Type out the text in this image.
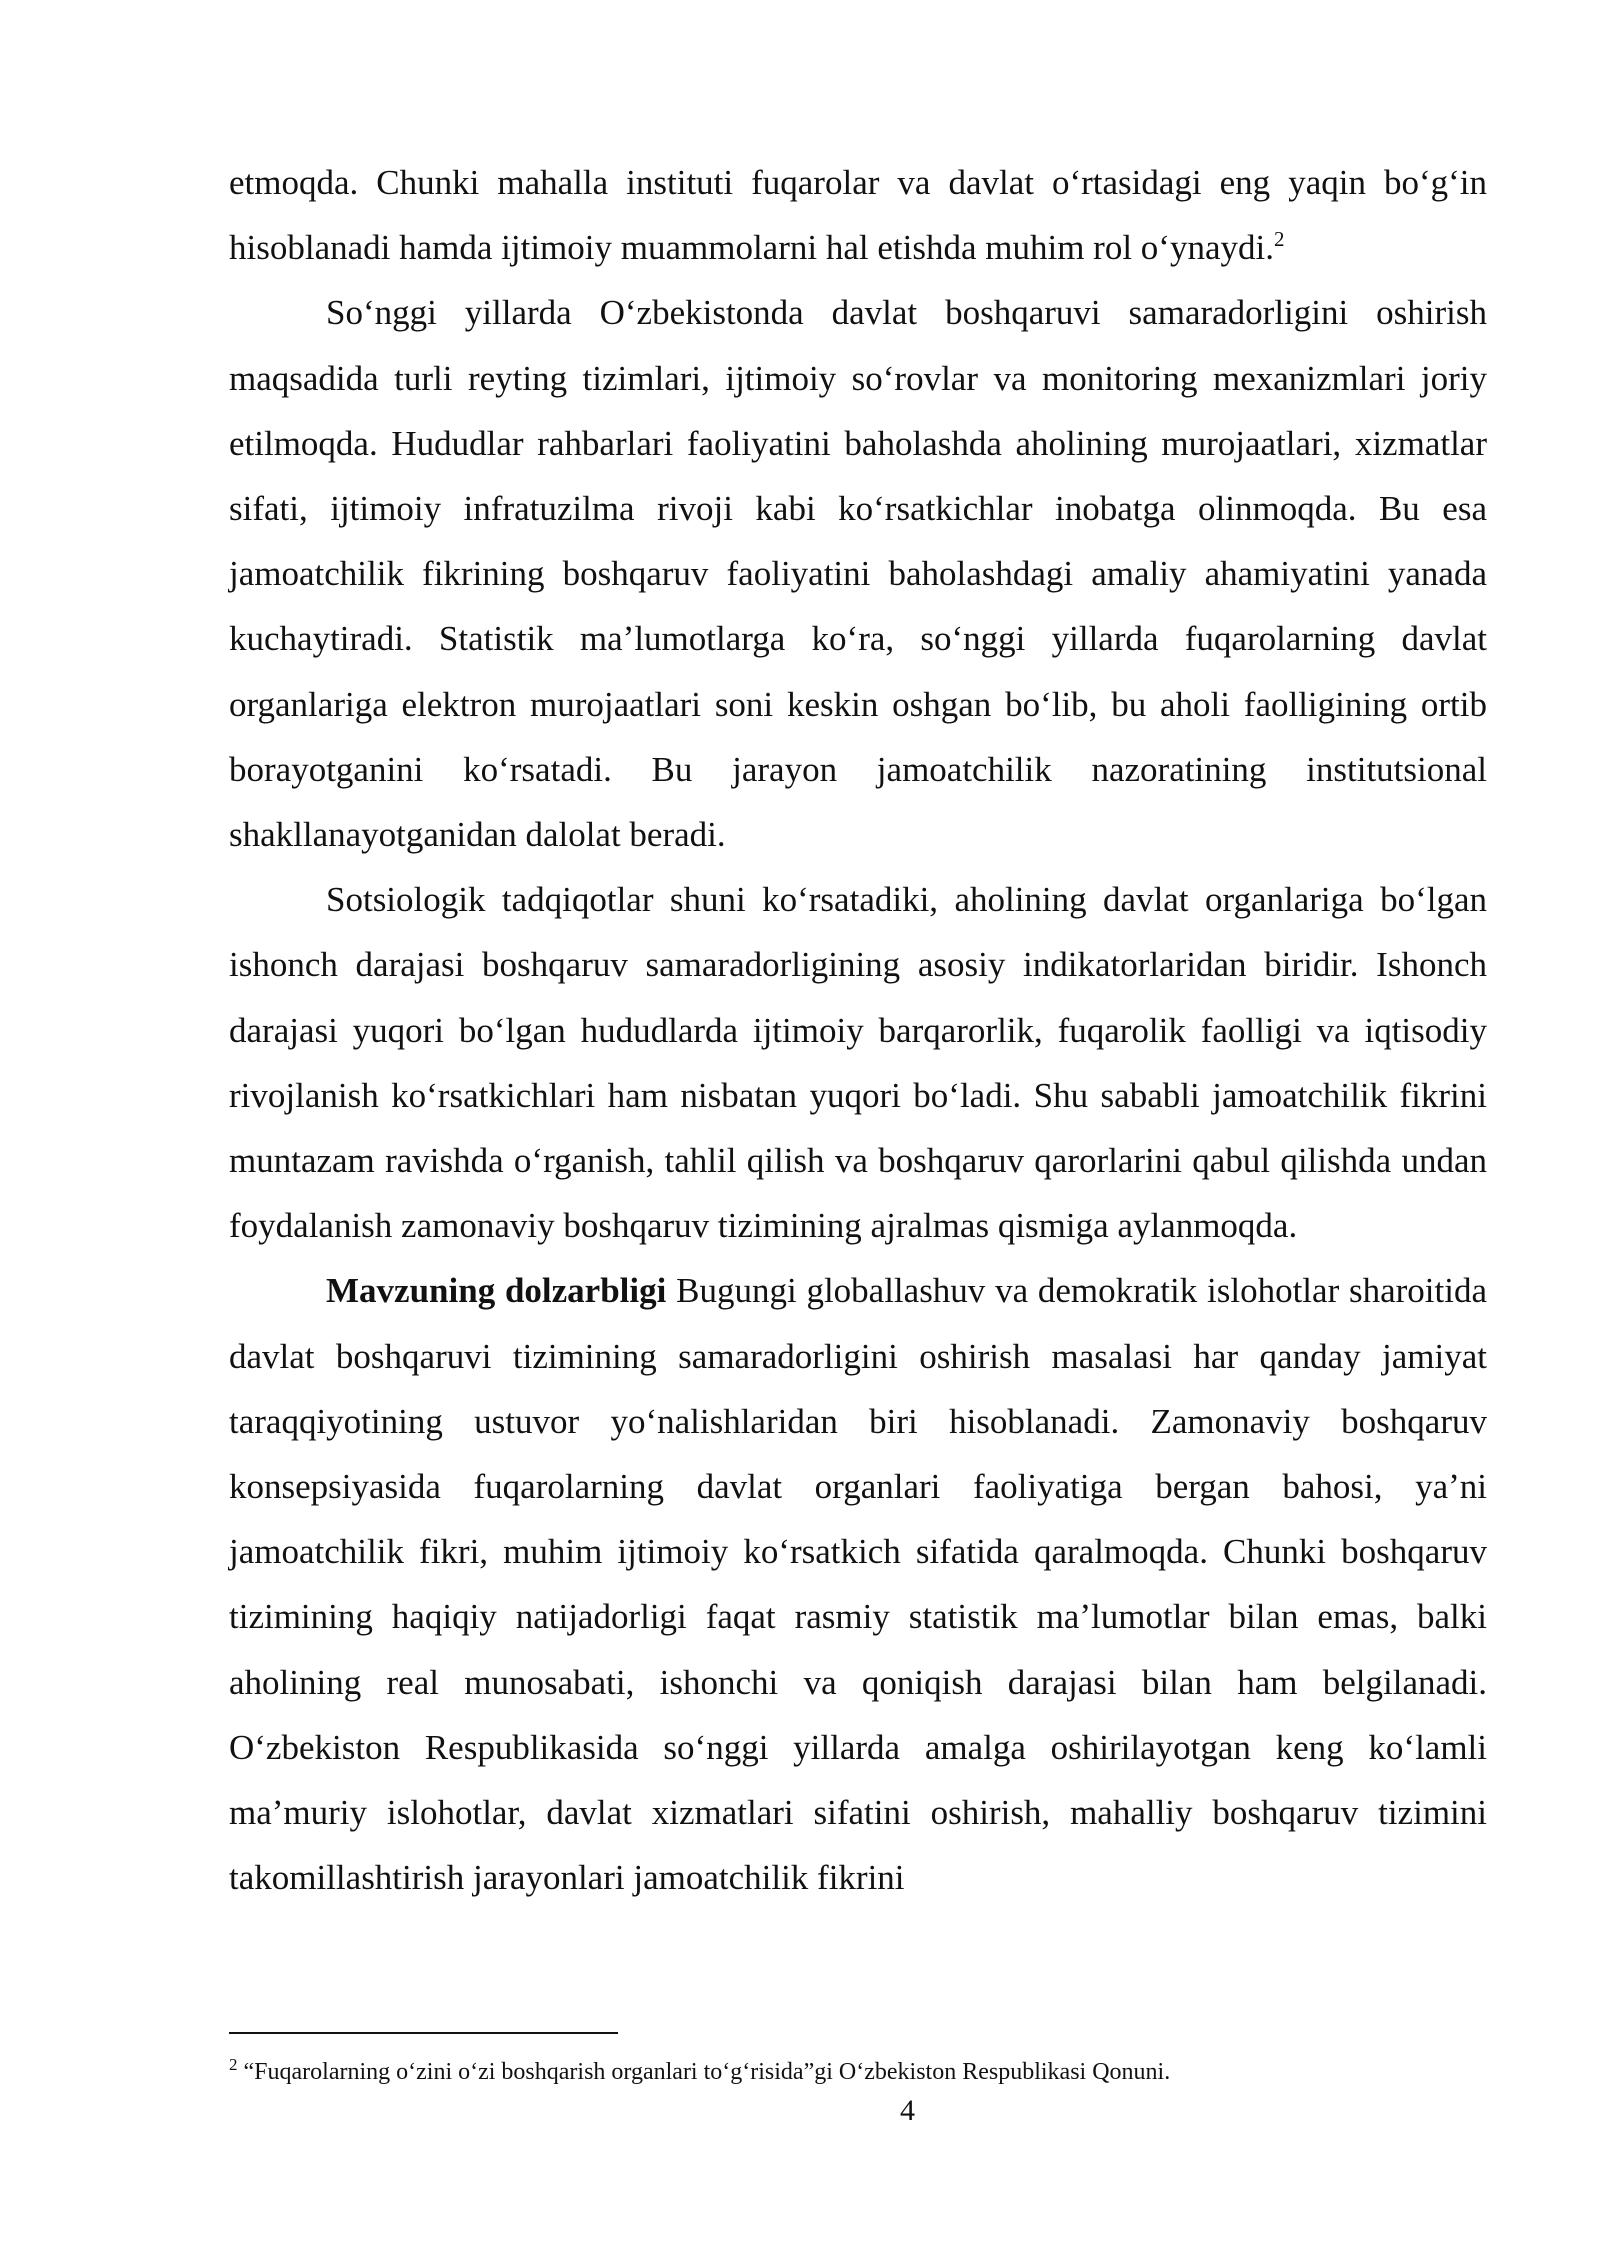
etmoqda. Chunki mahalla instituti fuqarolar va davlat oʻrtasidagi eng yaqin boʻgʻin hisoblanadi hamda ijtimoiy muammolarni hal etishda muhim rol oʻynaydi.$^2$

Soʻnggi yillarda Oʻzbekistonda davlat boshqaruvi samaradorligini oshirish maqsadida turli reyting tizimlari, ijtimoiy soʻrovlar va monitoring mexanizmlari joriy etilmoqda. Hududlar rahbarlari faoliyatini baholashda aholining murojaatlari, xizmatlar sifati, ijtimoiy infratuzilma rivoji kabi koʻrsatkichlar inobatga olinmoqda. Bu esa jamoatchilik fikrining boshqaruv faoliyatini baholashdagi amaliy ahamiyatini yanada kuchaytiradi. Statistik maʼlumotlarga koʻra, soʻnggi yillarda fuqarolarning davlat organlariga elektron murojaatlari soni keskin oshgan boʻlib, bu aholi faolligining ortib borayotganini koʻrsatadi. Bu jarayon jamoatchilik nazoratining institutsional shakllanayotganidan dalolat beradi.

Sotsiologik tadqiqotlar shuni koʻrsatadiki, aholining davlat organlariga boʻlgan ishonch darajasi boshqaruv samaradorligining asosiy indikatorlaridan biridir. Ishonch darajasi yuqori boʻlgan hududlarda ijtimoiy barqarorlik, fuqarolik faolligi va iqtisodiy rivojlanish koʻrsatkichlari ham nisbatan yuqori boʻladi. Shu sababli jamoatchilik fikrini muntazam ravishda oʻrganish, tahlil qilish va boshqaruv qarorlarini qabul qilishda undan foydalanish zamonaviy boshqaruv tizimining ajralmas qismiga aylanmoqda.

Mavzuning dolzarbligi Bugungi globallashuv va demokratik islohotlar sharoitida davlat boshqaruvi tizimining samaradorligini oshirish masalasi har qanday jamiyat taraqqiyotining ustuvor yoʻnalishlaridan biri hisoblanadi. Zamonaviy boshqaruv konsepsiyasida fuqarolarning davlat organlari faoliyatiga bergan bahosi, yaʼni jamoatchilik fikri, muhim ijtimoiy koʻrsatkich sifatida qaralmoqda. Chunki boshqaruv tizimining haqiqiy natijadorligi faqat rasmiy statistik maʼlumotlar bilan emas, balki aholining real munosabati, ishonchi va qoniqish darajasi bilan ham belgilanadi. Oʻzbekiston Respublikasida soʻnggi yillarda amalga oshirilayotgan keng koʻlamli maʼmuriy islohotlar, davlat xizmatlari sifatini oshirish, mahalliy boshqaruv tizimini takomillashtirish jarayonlari jamoatchilik fikrini

$^2$ “Fuqarolarning oʻzini oʻzi boshqarish organlari toʻgʻrisida”gi Oʻzbekiston Respublikasi Qonuni.
4
